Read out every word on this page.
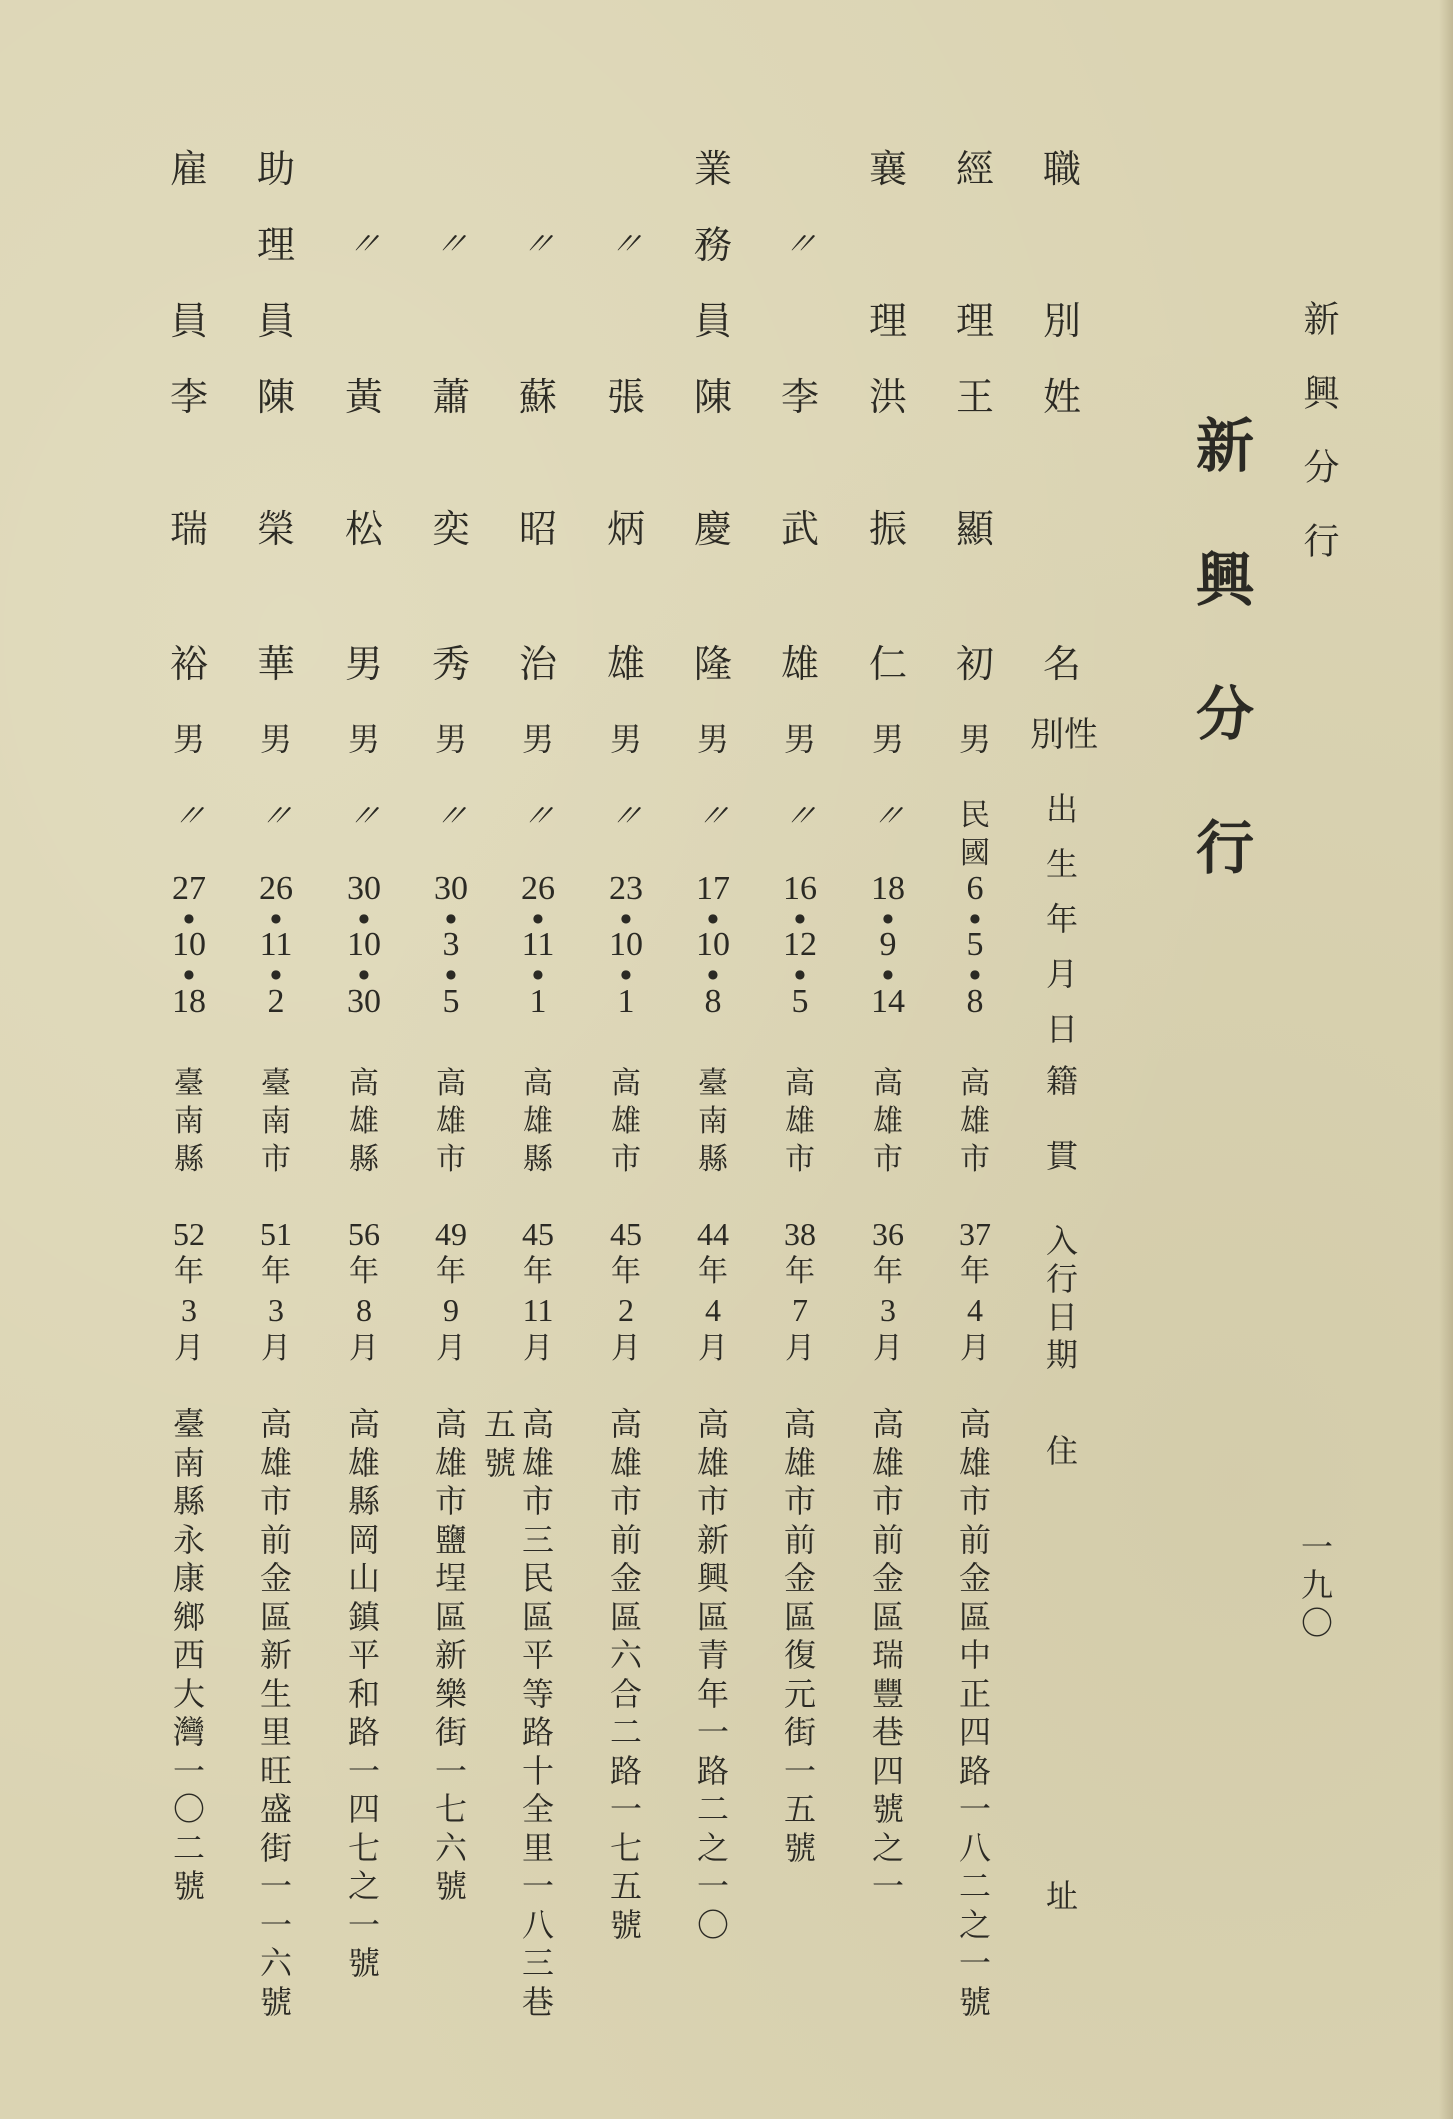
新興分行
新興分行
一九〇
職
別
姓
名
性別
出
生
年
月
日
籍
貫
入
行
日
期
住
址
經
理
王
顯
初
男
民
國
6
●
5
●
8
高
雄
市
37
年
4
月
高
雄
市
前
金
區
中
正
四
路
一
八
二
之
一
號
襄
理
洪
振
仁
男
〃
18
●
9
●
14
高
雄
市
36
年
3
月
高
雄
市
前
金
區
瑞
豐
巷
四
號
之
一
〃
李
武
雄
男
〃
16
●
12
●
5
高
雄
市
38
年
7
月
高
雄
市
前
金
區
復
元
街
一
五
號
業
務
員
陳
慶
隆
男
〃
17
●
10
●
8
臺
南
縣
44
年
4
月
高
雄
市
新
興
區
青
年
一
路
二
之
一
〇
〃
張
炳
雄
男
〃
23
●
10
●
1
高
雄
市
45
年
2
月
高
雄
市
前
金
區
六
合
二
路
一
七
五
號
〃
蘇
昭
治
男
〃
26
●
11
●
1
高
雄
縣
45
年
11
月
高
雄
市
三
民
區
平
等
路
十
全
里
一
八
三
巷
五
號
〃
蕭
奕
秀
男
〃
30
●
3
●
5
高
雄
市
49
年
9
月
高
雄
市
鹽
埕
區
新
樂
街
一
七
六
號
〃
黃
松
男
男
〃
30
●
10
●
30
高
雄
縣
56
年
8
月
高
雄
縣
岡
山
鎮
平
和
路
一
四
七
之
一
號
助
理
員
陳
榮
華
男
〃
26
●
11
●
2
臺
南
市
51
年
3
月
高
雄
市
前
金
區
新
生
里
旺
盛
街
一
一
六
號
雇
員
李
瑞
裕
男
〃
27
●
10
●
18
臺
南
縣
52
年
3
月
臺
南
縣
永
康
鄉
西
大
灣
一
〇
二
號
